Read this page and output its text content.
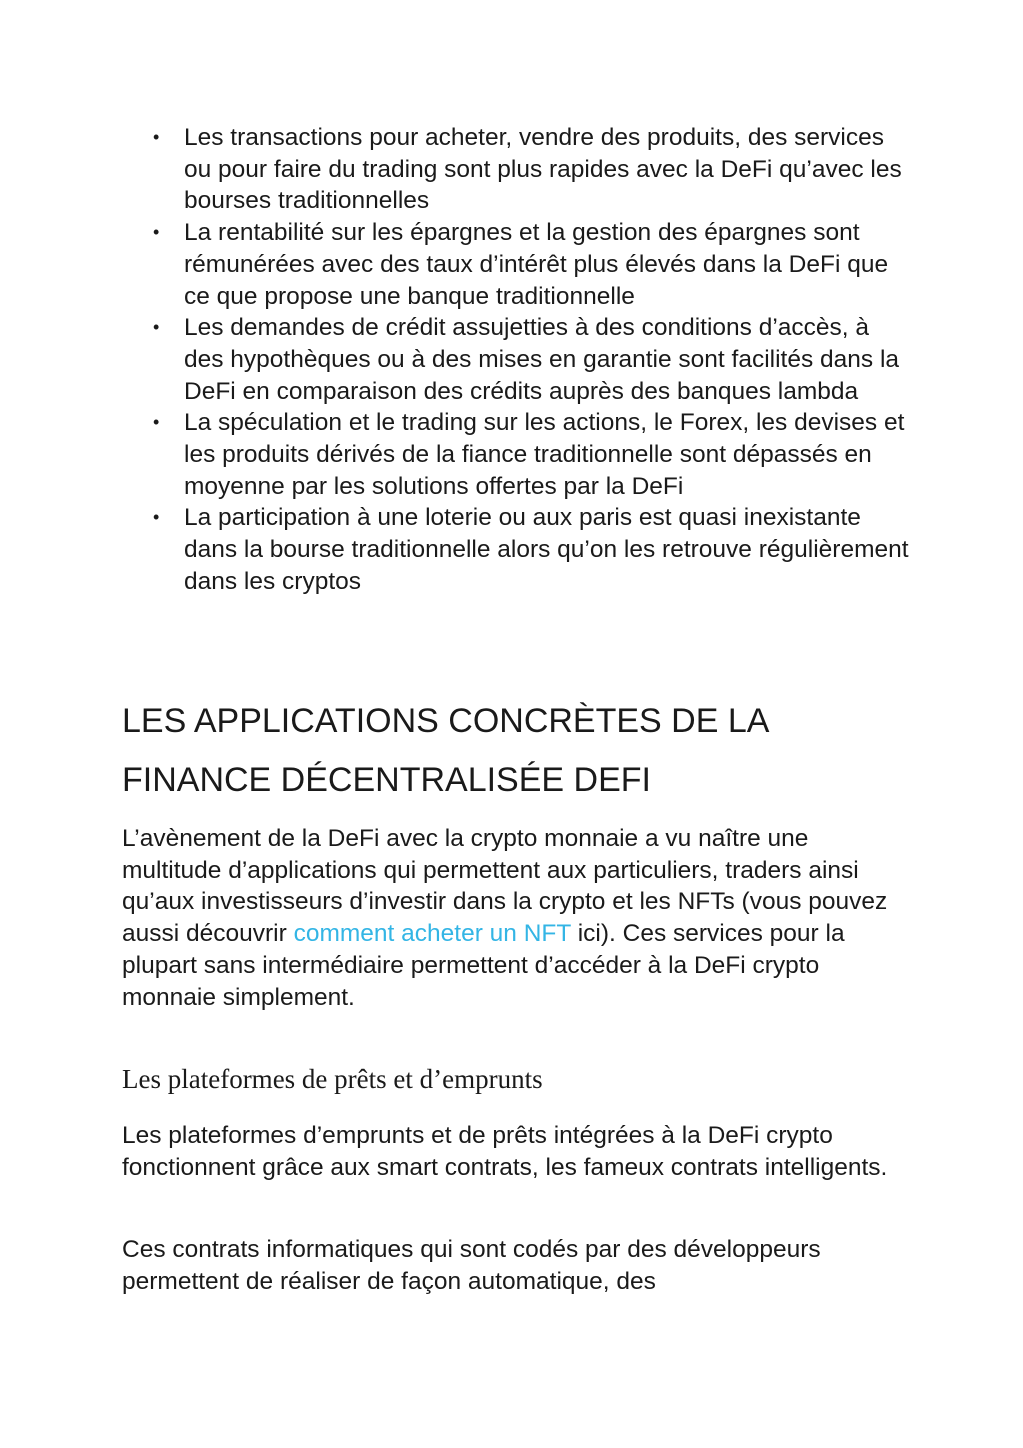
• Les transactions pour acheter, vendre des produits, des services ou pour faire du trading sont plus rapides avec la DeFi qu’avec les bourses traditionnelles
• La rentabilité sur les épargnes et la gestion des épargnes sont rémunérées avec des taux d’intérêt plus élevés dans la DeFi que ce que propose une banque traditionnelle
• Les demandes de crédit assujetties à des conditions d’accès, à des hypothèques ou à des mises en garantie sont facilités dans la DeFi en comparaison des crédits auprès des banques lambda
• La spéculation et le trading sur les actions, le Forex, les devises et les produits dérivés de la fiance traditionnelle sont dépassés en moyenne par les solutions offertes par la DeFi
• La participation à une loterie ou aux paris est quasi inexistante dans la bourse traditionnelle alors qu’on les retrouve régulièrement dans les cryptos
LES APPLICATIONS CONCRÈTES DE LA FINANCE DÉCENTRALISÉE DEFI

L’avènement de la DeFi avec la crypto monnaie a vu naître une multitude d’applications qui permettent aux particuliers, traders ainsi qu’aux investisseurs d’investir dans la crypto et les NFTs (vous pouvez aussi découvrir comment acheter un NFT ici). Ces services pour la plupart sans intermédiaire permettent d’accéder à la DeFi crypto monnaie simplement.

Les plateformes de prêts et d’emprunts

Les plateformes d’emprunts et de prêts intégrées à la DeFi crypto fonctionnent grâce aux smart contrats, les fameux contrats intelligents.

Ces contrats informatiques qui sont codés par des développeurs permettent de réaliser de façon automatique, des
